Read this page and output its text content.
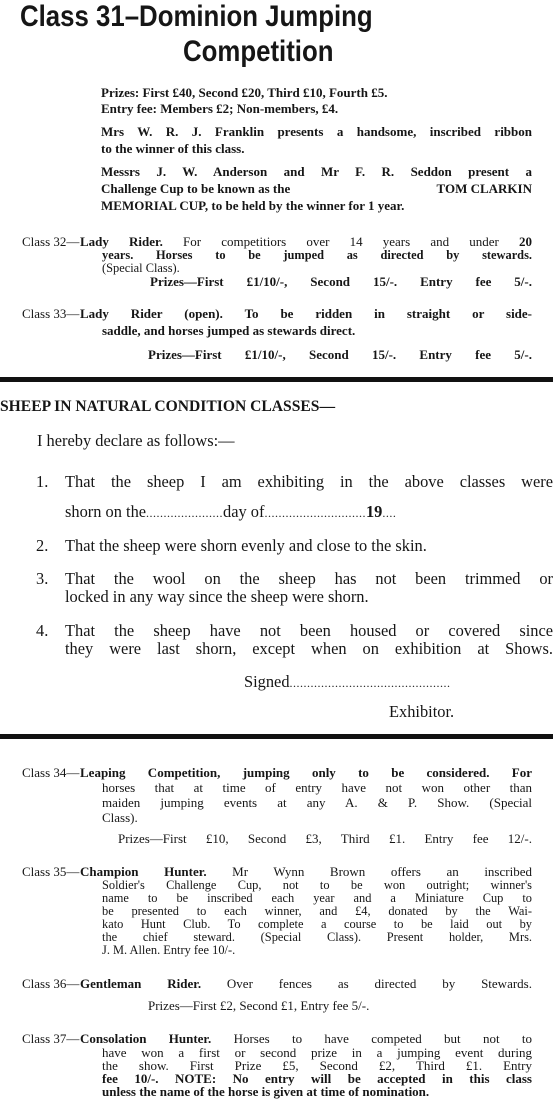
Class 31–Dominion Jumping
Competition
Prizes: First £40, Second £20, Third £10, Fourth £5.
Entry fee: Members £2; Non-members, £4.
Mrs W. R. J. Franklin presents a handsome, inscribed ribbon
to the winner of this class.
Messrs J. W. Anderson and Mr F. R. Seddon present a
Challenge Cup to be known as the	TOM CLARKIN
MEMORIAL CUP, to be held by the winner for 1 year.
Class 32— Lady Rider. For competitiors over 14 years and under 20
years. Horses to be jumped as directed by stewards.
(Special Class).
Prizes—First £1/10/-, Second 15/-. Entry fee 5/-.
Class 33— Lady Rider (open). To be ridden in straight or side-
saddle, and horses jumped as stewards direct.
Prizes—First £1/10/-, Second 15/-. Entry fee 5/-.
SHEEP IN NATURAL CONDITION CLASSES—
I hereby declare as follows:—
1. That the sheep I am exhibiting in the above classes were
shorn on the......................day of.............................19....
2. That the sheep were shorn evenly and close to the skin.
3. That the wool on the sheep has not been trimmed or
locked in any way since the sheep were shorn.
4. That the sheep have not been housed or covered since
they were last shorn, except when on exhibition at Shows.
Signed..............................................
Exhibitor.
Class 34— Leaping Competition, jumping only to be considered. For
horses that at time of entry have not won other than
maiden jumping events at any A. & P. Show. (Special
Class).
Prizes—First £10, Second £3, Third £1. Entry fee 12/-.
Class 35— Champion Hunter. Mr Wynn Brown offers an inscribed
Soldier's Challenge Cup, not to be won outright; winner's
name to be inscribed each year and a Miniature Cup to
be presented to each winner, and £4, donated by the Wai-
kato Hunt Club. To complete a course to be laid out by
the chief steward. (Special Class). Present holder, Mrs.
J. M. Allen. Entry fee 10/-.
Class 36— Gentleman Rider. Over fences as directed by Stewards.
Prizes—First £2, Second £1, Entry fee 5/-.
Class 37— Consolation Hunter. Horses to have competed but not to
have won a first or second prize in a jumping event during
the show. First Prize £5, Second £2, Third £1. Entry
fee 10/-. NOTE: No entry will be accepted in this class
unless the name of the horse is given at time of nomination.
